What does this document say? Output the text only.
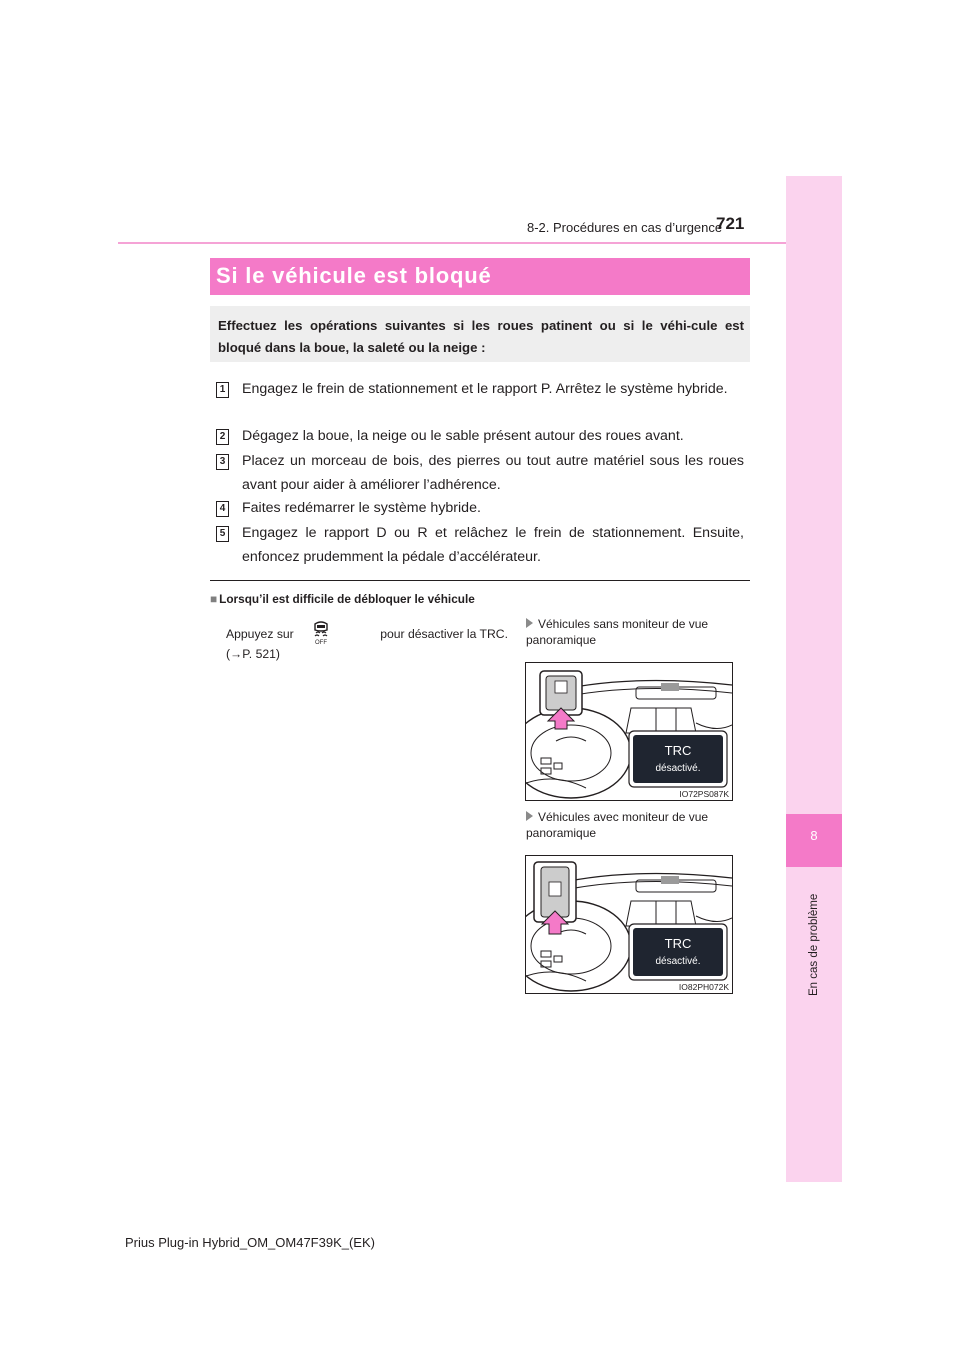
8-2. Procédures en cas d’urgence
721
8
En cas de problème
Si le véhicule est bloqué
Effectuez les opérations suivantes si les roues patinent ou si le véhi-cule est bloqué dans la boue, la saleté ou la neige :
1 Engagez le frein de stationnement et le rapport P. Arrêtez le système hybride.
2 Dégagez la boue, la neige ou le sable présent autour des roues avant.
3 Placez un morceau de bois, des pierres ou tout autre matériel sous les roues avant pour aider à améliorer l’adhérence.
4 Faites redémarrer le système hybride.
5 Engagez le rapport D ou R et relâchez le frein de stationnement. Ensuite, enfoncez prudemment la pédale d’accélérateur.
■ Lorsqu’il est difficile de débloquer le véhicule
Appuyez sur	pour désactiver la TRC.
(→P. 521)
OFF
Véhicules sans moniteur de vue panoramique
TRC
désactivé.
IO72PS087K
Véhicules avec moniteur de vue panoramique
TRC
désactivé.
IO82PH072K
Prius Plug-in Hybrid_OM_OM47F39K_(EK)
